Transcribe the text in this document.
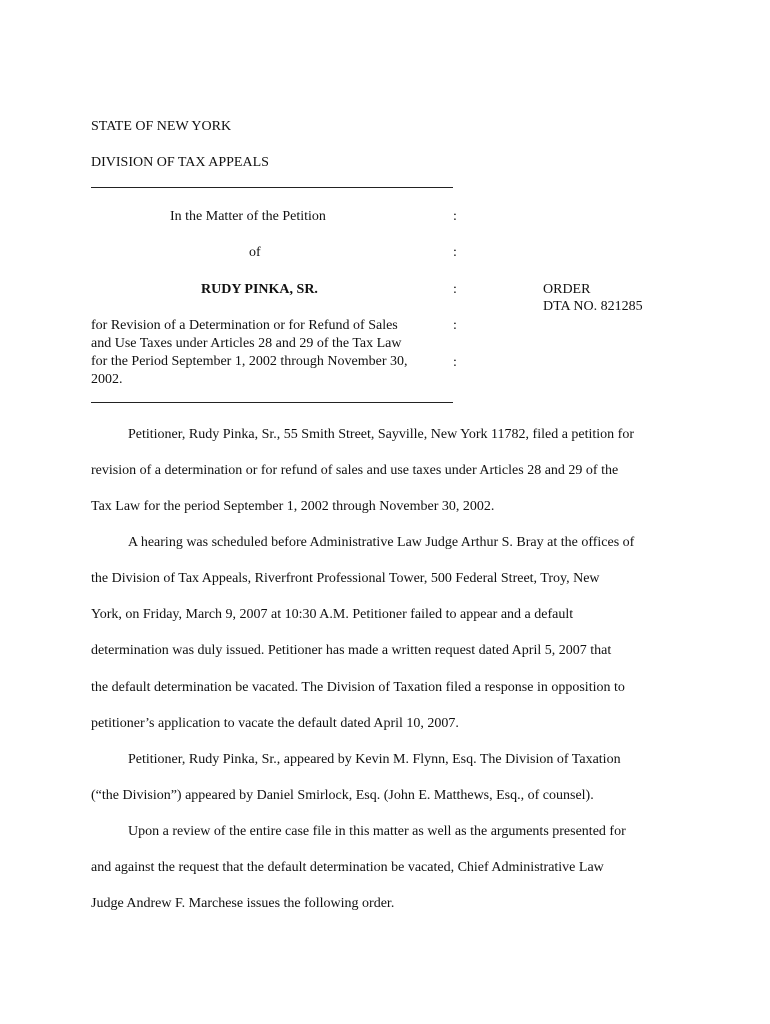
STATE OF NEW YORK
DIVISION OF TAX APPEALS
In the Matter of the Petition	:
of	:
RUDY PINKA, SR.	:	ORDER
DTA NO. 821285
for Revision of a Determination or for Refund of Sales
and Use Taxes under Articles 28 and 29 of the Tax Law
for the Period September 1, 2002 through November 30,
2002.
:
:
Petitioner, Rudy Pinka, Sr., 55 Smith Street, Sayville, New York 11782, filed a petition for
revision of a determination or for refund of sales and use taxes under Articles 28 and 29 of the
Tax Law for the period September 1, 2002 through November 30, 2002.
A hearing was scheduled before Administrative Law Judge Arthur S. Bray at the offices of
the Division of Tax Appeals, Riverfront Professional Tower, 500 Federal Street, Troy, New
York, on Friday, March 9, 2007 at 10:30 A.M. Petitioner failed to appear and a default
determination was duly issued. Petitioner has made a written request dated April 5, 2007 that
the default determination be vacated. The Division of Taxation filed a response in opposition to
petitioner’s application to vacate the default dated April 10, 2007.
Petitioner, Rudy Pinka, Sr., appeared by Kevin M. Flynn, Esq. The Division of Taxation
(“the Division”) appeared by Daniel Smirlock, Esq. (John E. Matthews, Esq., of counsel).
Upon a review of the entire case file in this matter as well as the arguments presented for
and against the request that the default determination be vacated, Chief Administrative Law
Judge Andrew F. Marchese issues the following order.
